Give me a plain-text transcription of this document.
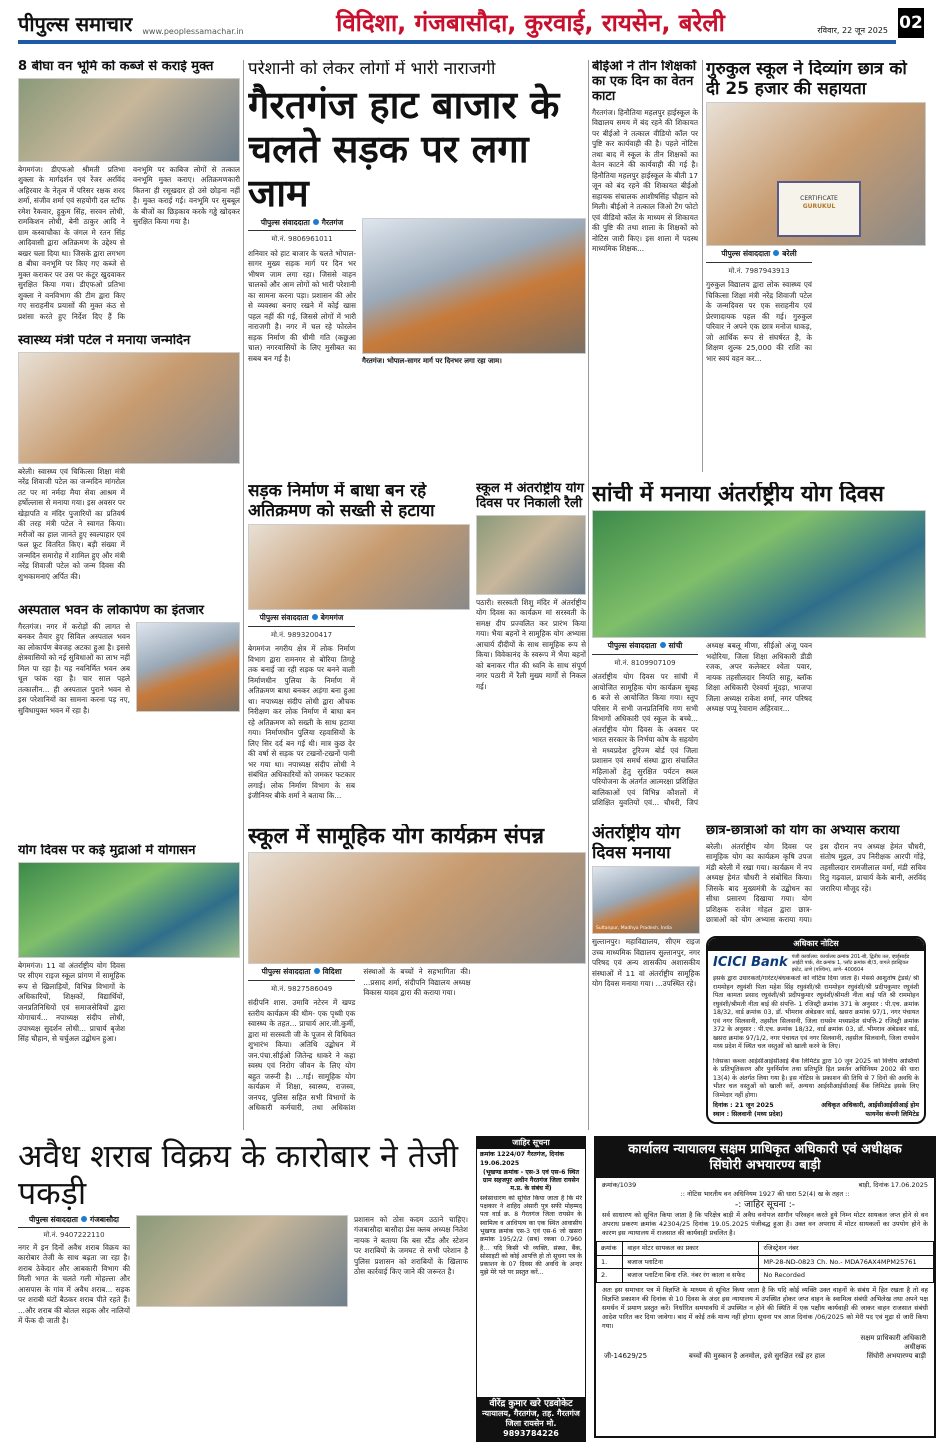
पीपुल्स समाचार www.peoplessamachar.in	विदिशा, गंजबासौदा, कुरवाई, रायसेन, बरेली	रविवार, 22 जून 2025 02
8 बीघा वन भूमि को कब्जे से कराई मुक्त
बेगमगंज। डीएफओ श्रीमती प्रतिभा शुक्ला के मार्गदर्शन एवं रेंजर अरविंद अहिरवार के नेतृत्व में परिसर रक्षक शरद शर्मा, संजीव शर्मा एवं सहयोगी दल स्टॉफ रमेश रैकवार, हुकुम सिंह, सरवन लोधी, रामकिशन लोधी, बेनी ठाकुर आदि ने ग्राम कस्वाचौका के जंगल मे रतन सिंह आदिवासी द्वारा अतिक्रमण के उद्देश्य से बखर चला दिया था। जिसके द्वारा लगभग 8 बीघा वनभूमि पर किए गए कब्जे से मुक्त कराकर पर उस पर कंटूर खुदवाकर सुरक्षित किया गया। डीएफओ प्रतिभा शुक्ला ने वनविभाग की टीम द्वारा किए गए सराहनीय प्रयासों की मुक्त कंठ से प्रशंसा करते हुए निर्देश दिए हैं कि वनभूमि पर काबिज लोगों से तत्काल वनभूमि मुक्त कराए। अतिक्रमणकारी कितना ही रसूखदार हो उसे छोड़ना नहीं है। मुक्त कराई गई। वनभूमि पर सुबबूल के बीजों का छिड़काव करके गड्ढे खोदकर सुरक्षित किया गया है।
स्वास्थ्य मंत्री पटेल ने मनाया जन्मदिन
बरेली। स्वास्थ्य एवं चिकित्सा शिक्षा मंत्री नरेंद्र शिवाजी पटेल का जन्मदिन मांगरोल तट पर मां नर्मदा मैया सेवा आश्रम में हर्षोल्लास से मनाया गया। इस अवसर पर खेड़ापति व मंदिर पुजारियों का प्रतिवर्ष की तरह मंत्री पटेल ने स्वागत किया। मरीजों का हाल जानते हुए स्वल्पाहार एवं फल फ्रूट वितरित किए। बड़ी संख्या में जन्मदिन समारोह में शामिल हुए और मंत्री नरेंद्र शिवाजी पटेल को जन्म दिवस की शुभकामनाएं अर्पित की।
अस्पताल भवन के लोकार्पण का इंतजार
गैरतगंज। नगर में करोड़ों की लागत से बनकर तैयार हुए सिविल अस्पताल भवन का लोकार्पण बेवजह अटका हुआ है। इससे क्षेत्रवासियों को नई सुविधाओं का लाभ नहीं मिल पा रहा है। यह नवनिर्मित भवन अब धूल फांक रहा है। चार साल पहले तत्कालीन... ही अस्पताल पुराने भवन से इस परेशानियों का सामना करना पड़ नए, सुविधायुक्त भवन में रहा है।
योग दिवस पर कई मुद्राओं में योगासन
बेगमगंज। 11 वां अंतर्राष्ट्रीय योग दिवस पर सीएम राइज स्कूल प्रांगण में सामूहिक रूप से खिलाड़ियों, विभिन्न विभागों के अधिकारियों, शिक्षकों, विद्यार्थियों, जनप्रतिनिधियों एवं समाजसेवियों द्वारा योगाचार्य... नपाध्यक्ष संदीप लोधी, उपाध्यक्ष सुदर्शन लोधी... प्राचार्य बृजेश सिंह चौहान, से चर्चुअल उद्बोधन हुआ।
परेशानी को लेकर लोगों में भारी नाराजगी
गैरतगंज हाट बाजार के चलते सड़क पर लगा जाम
पीपुल्स संवाददाता गैरतगंज
मो.नं. 9806961011
शनिवार को हाट बाजार के चलते भोपाल-सागर मुख्य सड़क मार्ग पर दिन भर भीषण जाम लगा रहा। जिससे वाहन चालकों और आम लोगों को भारी परेशानी का सामना करना पड़ा। प्रशासन की ओर से व्यवस्था बनाए रखने में कोई खास पहल नहीं की गई, जिससे लोगों में भारी नाराजगी है। नगर में चल रहे फोरलेन सड़क निर्माण की धीमी गति (कछुआ चाल) नगरवासियों के लिए मुसीबत का सबब बन गई है।	गैरतगंज। भोपाल-सागर मार्ग पर दिनभर लगा रहा जाम।
बीईओ ने तीन शिक्षकों का एक दिन का वेतन काटा
गैरतगंज। हिनौतिया महलपुर हाईस्कूल के विद्यालय समय में बंद रहने की शिकायत पर बीईओ ने तत्काल वीडियो कॉल पर पुष्टि कर कार्यवाही की है। पहले नोटिस तथा बाद में स्कूल के तीन शिक्षकों का वेतन काटने की कार्यवाही की गई है। हिनौतिया महलपुर हाईस्कूल के बीती 17 जून को बंद रहने की शिकायत बीईओ सहायक संचालक आशीषसिंह चौहान को मिली। बीईओ ने तत्काल जिओ टैग फोटो एवं वीडियो कॉल के माध्यम से शिकायत की पुष्टि की तथा शाला के शिक्षकों को नोटिस जारी किए। इस शाला में पदस्थ माध्यमिक शिक्षक...
गुरुकुल स्कूल ने दिव्यांग छात्र को दी 25 हजार की सहायता
CERTIFICATE
GURUKUL
पीपुल्स संवाददाता बरेली
मो.नं. 7987943913
गुरुकुल विद्यालय द्वारा लोक स्वास्थ्य एवं चिकित्सा शिक्षा मंत्री नरेंद्र शिवाजी पटेल के जन्मदिवस पर एक सराहनीय एवं प्रेरणादायक पहल की गई। गुरुकुल परिवार ने अपने एक छात्र मनोज धाकड़, जो आर्थिक रूप से संघर्षरत है, के शिक्षण शुल्क 25,000 की राशि का भार स्वयं वहन कर...
सड़क निर्माण में बाधा बन रहे अतिक्रमण को सख्ती से हटाया
पीपुल्स संवाददाता बेगमगंज
मो.नं. 9893200417
बेगमगंज नगरीय क्षेत्र में लोक निर्माण विभाग द्वारा रामनगर से बोरिया तिगड्डे तक बनाई जा रही सड़क पर बनने वाली निर्माणधीन पुलिया के निर्माण में अतिक्रमण बाधा बनकर अड़ंगा बना हुआ था। नपाध्यक्ष संदीप लोधी द्वारा औचक निरीक्षण कर लोक निर्माण में बाधा बन रहे अतिक्रमण को सख्ती के साथ हटाया गया। निर्माणधीन पुलिया रहवासियों के लिए सिर दर्द बन गई थी। मात्र कुछ देर की वर्षा से सड़क पर टखनों-टखनों पानी भर गया था। नपाध्यक्ष संदीप लोधी ने संबंधित अधिकारियों को जमकर फटकार लगाई। लोक निर्माण विभाग के सब इंजीनियर बीके शर्मा ने बताया कि...
स्कूल में अंतर्राष्ट्रीय योग दिवस पर निकाली रैली
पठारी। सरस्वती शिशु मंदिर में अंतर्राष्ट्रीय योग दिवस का कार्यक्रम मां सरस्वती के समक्ष दीप प्रज्वलित कर प्रारंभ किया गया। भैया बहनों ने सामूहिक योग अभ्यास आचार्य दीदीयों के साथ सामूहिक रूप से किया। विवेकानंद के स्वरूप में भैया बहनों को बनाकर गीत की ध्वनि के साथ संपूर्ण नगर पठारी में रैली मुख्य मार्गों से निकल गई।
सांची में मनाया अंतर्राष्ट्रीय योग दिवस
पीपुल्स संवाददाता सांची
मो.नं. 8109907109
अंतर्राष्ट्रीय योग दिवस पर सांची में आयोजित सामूहिक योग कार्यक्रम सुबह 6 बजे से आयोजित किया गया। स्तूप परिसर में सभी जनप्रतिनिधि गण सभी विभागों अधिकारी एवं स्कूल के बच्चे... अंतर्राष्ट्रीय योग दिवस के अवसर पर भारत सरकार के निर्भया कोष के सहयोग से मध्यप्रदेश टूरिज्म बोर्ड एवं जिला प्रशासन एवं समर्थ संस्था द्वारा संचालित महिलाओं हेतु सुरक्षित पर्यटन स्थल परियोजना के अंतर्गत आत्मरक्षा प्रशिक्षित बालिकाओं एवं विभिन्न कौशलों में प्रशिक्षित युवतियों एवं... चौधरी, जिपं अध्यक्ष बबलू मीणा, सीईओ अंजू पवन भदोरिया, जिला शिक्षा अधिकारी डीडी रजक, अपर कलेक्टर श्वेता पवार, नायक तहसीलदार नियति साहू, ब्लॉक शिक्षा अधिकारी ऐश्वर्या मूंदड़ा, भाजपा जिला अध्यक्ष राकेश शर्मा, नगर परिषद अध्यक्ष पप्पू रेवाराम अहिरवार...
स्कूल में सामूहिक योग कार्यक्रम संपन्न
पीपुल्स संवाददाता विदिशा
मो.नं. 9827586049
संदीपनि शास. उमावि नटेरन में खण्ड स्तरीय कार्यक्रम की थीम- एक पृथ्वी एक स्वास्थ्य के तहत... प्राचार्य आर.जी.कुर्मी, द्वारा मां सरस्वती जी के पूजन से विधिवत शुभारंभ किया। अतिथि उद्बोधन में जन.पंचा.सीईओ जितेन्द्र धाकरे ने कहा स्वस्थ एवं निरोग जीवन के लिए योग बहुत जरूरी है। ...गई। सामूहिक योग कार्यक्रम में शिक्षा, स्वास्थ्य, राजस्व, जनपद, पुलिस सहित सभी विभागों के अधिकारी कर्मचारी, तथा अधिकांश संस्थाओं के बच्चों ने सहभागिता की। ...प्रसाद शर्मा, संदीपनि विद्यालय अध्यक्ष विकास यादव द्वारा की कराया गया।
अंतर्राष्ट्रीय योग दिवस मनाया
Sultanpur, Madhya Pradesh, India
सुल्तानपुर। महाविद्यालय, सीएम राइज उच्च माध्यमिक विद्यालय सुल्तानपुर, नगर परिषद एवं अन्य शासकीय अशासकीय संस्थाओं में 11 वां अंतर्राष्ट्रीय सामूहिक योग दिवस मनाया गया। ...उपस्थित रहे।
छात्र-छात्राओं को योग का अभ्यास कराया
बरेली। अंतर्राष्ट्रीय योग दिवस पर सामूहिक योग का कार्यक्रम कृषि उपज मंडी बरेली में रखा गया। कार्यक्रम में नप अध्यक्ष हेमंत चौधरी ने संबोधित किया। जिसके बाद मुख्यमंत्री के उद्बोधन का सीधा प्रसारण दिखाया गया। योग प्रशिक्षक राजेश गोहल द्वारा छात्र-छात्राओं को योग अभ्यास कराया गया। इस दौरान नप अध्यक्ष हेमंत चौधरी, संतोष मुद्गल, उप निरीक्षक आरपी गोंड़े, तहसीलदार रामजीलाल वर्मा, मंडी सचिव रितु गढ़वाल, प्राचार्य केके बानी, अरविंद जरारिया मौजूद रहे।
अधिकार नोटिस
ICICI Bank पंजी कार्यालय: कार्यालय क्रमांक 201-बी, द्वितीय तल, व्हाईसाईड आईटी पार्क, रोड क्रमांक 1, प्लॉट क्रमांक बी/3, वागले इंडस्ट्रियल इस्टेट, ठाणे (पश्चिम), ठाणे- 400604
इसके द्वारा उधारकर्ता/गारंटर/बंधककर्ता को नोटिस दिया जाता है। मेसर्स आशुतोष ट्रेडर्स/ श्री राममोहन रघुवंशी पिता महेश सिंह रघुवंशी/श्री राममोहन रघुवंशी/श्री प्रदीपकुमार रघुवंशी पिता कामता प्रसाद रघुवंशी/श्री प्रदीपकुमार रघुवंशी/श्रीमती नीता बाई पति श्री राममोहन रघुवंशी/श्रीमती नीता बाई की संपत्ति- 1 रजिस्ट्री क्रमांक 371 के अनुसार : पी.एच. क्रमांक 18/32, वार्ड क्रमांक 03, डॉ. भीमराव अंबेडकर वार्ड, खसरा क्रमांक 97/1, नगर पंचायत एवं नगर सिलवानी, तहसील सिलवानी, जिला रायसेन मध्यप्रदेश संपत्ति-2 रजिस्ट्री क्रमांक 372 के अनुसार : पी.एच. क्रमांक 18/32, वार्ड क्रमांक 03, डॉ. भीमराव अंबेडकर वार्ड, खसरा क्रमांक 97/1/2, नगर पंचायत एवं नगर सिलवानी, तहसील सिलवानी, जिला रायसेन मध्य प्रदेश में स्थित चल वस्तुओं को खाली करने के लिए।
जिसका कब्जा आईसीआईसीआई बैंक लिमिटेड द्वारा 10 जून 2025 को वित्तीय आस्तियों के प्रतिभूतिकरण और पुनर्निर्माण तथा प्रतिभूति हित प्रवर्तन अधिनियम 2002 की धारा 13(4) के अंतर्गत लिया गया है। इस नोटिस के प्रकाशन की तिथि से 7 दिनों की अवधि के भीतर चल वस्तुओं को खाली करें, अन्यथा आईसीआईसीआई बैंक लिमिटेड इसके लिए जिम्मेदार नहीं होगा।
दिनांक : 21 जून 2025
स्थान : सिलवानी (मध्य प्रदेश)
अधिकृत अधिकारी, आईसीआईसीआई होम फायनेंस कंपनी लिमिटेड
अवैध शराब विक्रय के कारोबार ने तेजी पकड़ी
पीपुल्स संवाददाता गंजबासौदा
मो.नं. 9407222110
नगर में इन दिनों अवैध शराब विक्रय का कारोबार तेजी के साथ बढ़ता जा रहा है। शराब ठेकेदार और आबकारी विभाग की मिली भगत के चलते गली मोहल्ला और आसपास के गांव में अवैध शराब... सड़क पर शराबी घंटों बैठकर शराब पीते रहते हैं। ...और शराब की बोतल सड़क और नालियों में फेंक दी जाती है।
प्रशासन को ठोस कदम उठाने चाहिए। गंजबासौदा बासौदा प्रेस क्लब अध्यक्ष नितेश नायक ने बताया कि बस स्टैंड और स्टेशन पर शराबियों के जमघट से सभी परेशान है पुलिस प्रशासन को शराबियों के खिलाफ ठोस कार्रवाई किए जाने की जरूरत है।
जाहिर सूचना
क्रमांक 1224/07 गैरतगंज, दिनांक 19.06.2025
(भूखण्ड क्रमांक - एस-3 एवं एस-6 स्थित ग्राम सहजपुर अधीन गैरतगंज जिला रायसेन म.प्र. के संबंध में)
सर्वसाधारण को सूचित किया जाता है कि मेरे पक्षकार ने शाहिद अंसारी पुत्र सफी मोहम्मद पता वार्ड क्र. 8 गैरतगंज जिला रायसेन के स्वामित्व व आधिपत्य का एक स्थित आवासीय भूखण्ड क्रमांक एस-3 एवं एस-6 जो खसरा क्रमांक 195/2/2 (सब) रकबा 0.7960 है... यदि किसी भी व्यक्ति, संस्था, बैंक, सोसाइटी को कोई आपत्ति हो तो सूचना पत्र के प्रकाशन के 07 दिवस की अवधि के अन्दर मुझे मेरे पते पर प्रस्तुत करें...
वीरेंद्र कुमार खरे एडवोकेट
न्यायालय, गैरतगंज, तह. गैरतगंज
जिला रायसेन मो. 9893784226
कार्यालय न्यायालय सक्षम प्राधिकृत अधिकारी एवं अधीक्षक
सिंघोरी अभयारण्य बाड़ी
क्रमांक/1039	बाड़ी, दिनांक 17.06.2025
:: नोटिस भारतीय वन अधिनियम 1927 की धारा 52(4) ख के तहत ::
-: जाहिर सूचना :-
सर्व साधारण को सूचित किया जाता है कि परिक्षेत्र बाड़ी में अवैध वनोपज सागौन परिवहन करते हुये निम्न मोटर सायकल जप्त होने से वन अपराध प्रकरण क्रमांक 42304/25 दिनांक 19.05.2025 पंजीबद्ध हुआ है। उक्त वन अपराध में मोटर सायकलों का उपयोग होने के कारण इस न्यायालय में राजसात की कार्यवाही प्रचलित है।
क्रमांक	वाहन मोटर सायकल का प्रकार	रजिस्ट्रेशन नंबर
1.	बजाज प्लाटिना	MP-28-ND-0823 Ch. No.- MDA76AX4MPM25761
2.	बजाज प्लाटिना बिना रजि. नंबर रंग काला व सफेद	No Recorded
अतः इस समाचार पत्र में विज्ञप्ति के माध्यम से सूचित किया जाता है कि यदि कोई व्यक्ति उक्त वाहनों के संबंध में हित रखता है तो वह विज्ञप्ति प्रकाशन की दिनांक से 10 दिवस के अंदर इस न्यायालय में उपस्थित होकर जप्त वाहन के स्वामित्व संबंधी अभिलेख तथा अपने पक्ष समर्थन में प्रमाण प्रस्तुत करें। निर्धारित समयावधि में उपस्थित न होने की स्थिति में एक पक्षीय कार्यवाही की जाकर वाहन राजसात संबंधी आदेश पारित कर दिया जावेगा। बाद में कोई तर्क मान्य नहीं होगा। सूचना पत्र आज दिनांक /06/2025 को मेरी पद एवं मुद्रा से जारी किया गया।
सक्षम प्राधिकारी अधिकारी
अधीक्षक
जी-14629/25	बच्चों की मुस्कान है अनमोल, इसे सुरक्षित रखें हर हाल	सिंघोरी अभयारण्य बाड़ी
